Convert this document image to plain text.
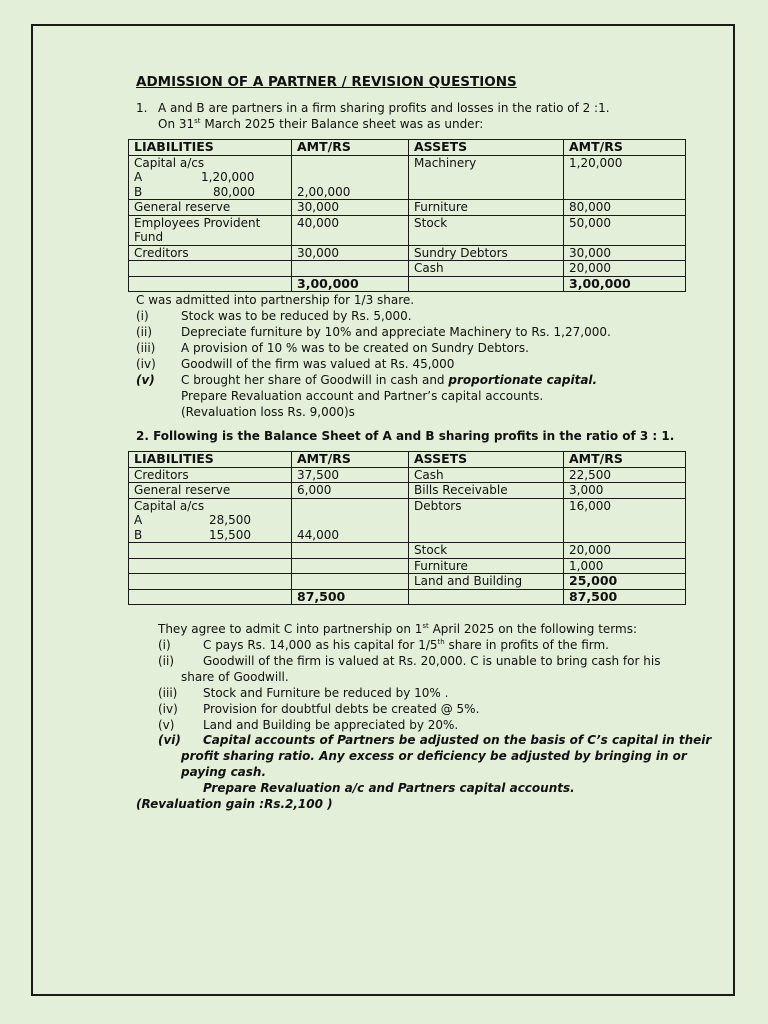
ADMISSION OF A PARTNER / REVISION QUESTIONS
1. A and B are partners in a firm sharing profits and losses in the ratio of 2 :1.
On 31st March 2025 their Balance sheet was as under:
LIABILITIES	AMT/RS	ASSETS	AMT/RS

Capital a/cs
A 1,20,000
B 80,000	2,00,000	Machinery	1,20,000
General reserve	30,000	Furniture	80,000

Employees Provident
Fund	40,000	Stock	50,000
Creditors	30,000	Sundry Debtors	30,000
		Cash	20,000
	3,00,000		3,00,000
C was admitted into partnership for 1/3 share.
(i)	Stock was to be reduced by Rs. 5,000.
(ii) Depreciate furniture by 10% and appreciate Machinery to Rs. 1,27,000.
(iii) A provision of 10 % was to be created on Sundry Debtors.
(iv) Goodwill of the firm was valued at Rs. 45,000
(v) C brought her share of Goodwill in cash and proportionate capital.
Prepare Revaluation account and Partner’s capital accounts.
(Revaluation loss Rs. 9,000)s
2. Following is the Balance Sheet of A and B sharing profits in the ratio of 3 : 1.
LIABILITIES	AMT/RS	ASSETS	AMT/RS
Creditors	37,500	Cash	22,500
General reserve	6,000	Bills Receivable	3,000

Capital a/cs
A 28,500
B 15,500	44,000	Debtors	16,000
		Stock	20,000
		Furniture	1,000
		Land and Building	25,000
	87,500		87,500
They agree to admit C into partnership on 1st April 2025 on the following terms:
(i)	C pays Rs. 14,000 as his capital for 1/5th share in profits of the firm.
(ii) Goodwill of the firm is valued at Rs. 20,000. C is unable to bring cash for his
share of Goodwill.
(iii) Stock and Furniture be reduced by 10% .
(iv) Provision for doubtful debts be created @ 5%.
(v) Land and Building be appreciated by 20%.
(vi) Capital accounts of Partners be adjusted on the basis of C’s capital in their
profit sharing ratio. Any excess or deficiency be adjusted by bringing in or
paying cash.
Prepare Revaluation a/c and Partners capital accounts.
(Revaluation gain :Rs.2,100 )
